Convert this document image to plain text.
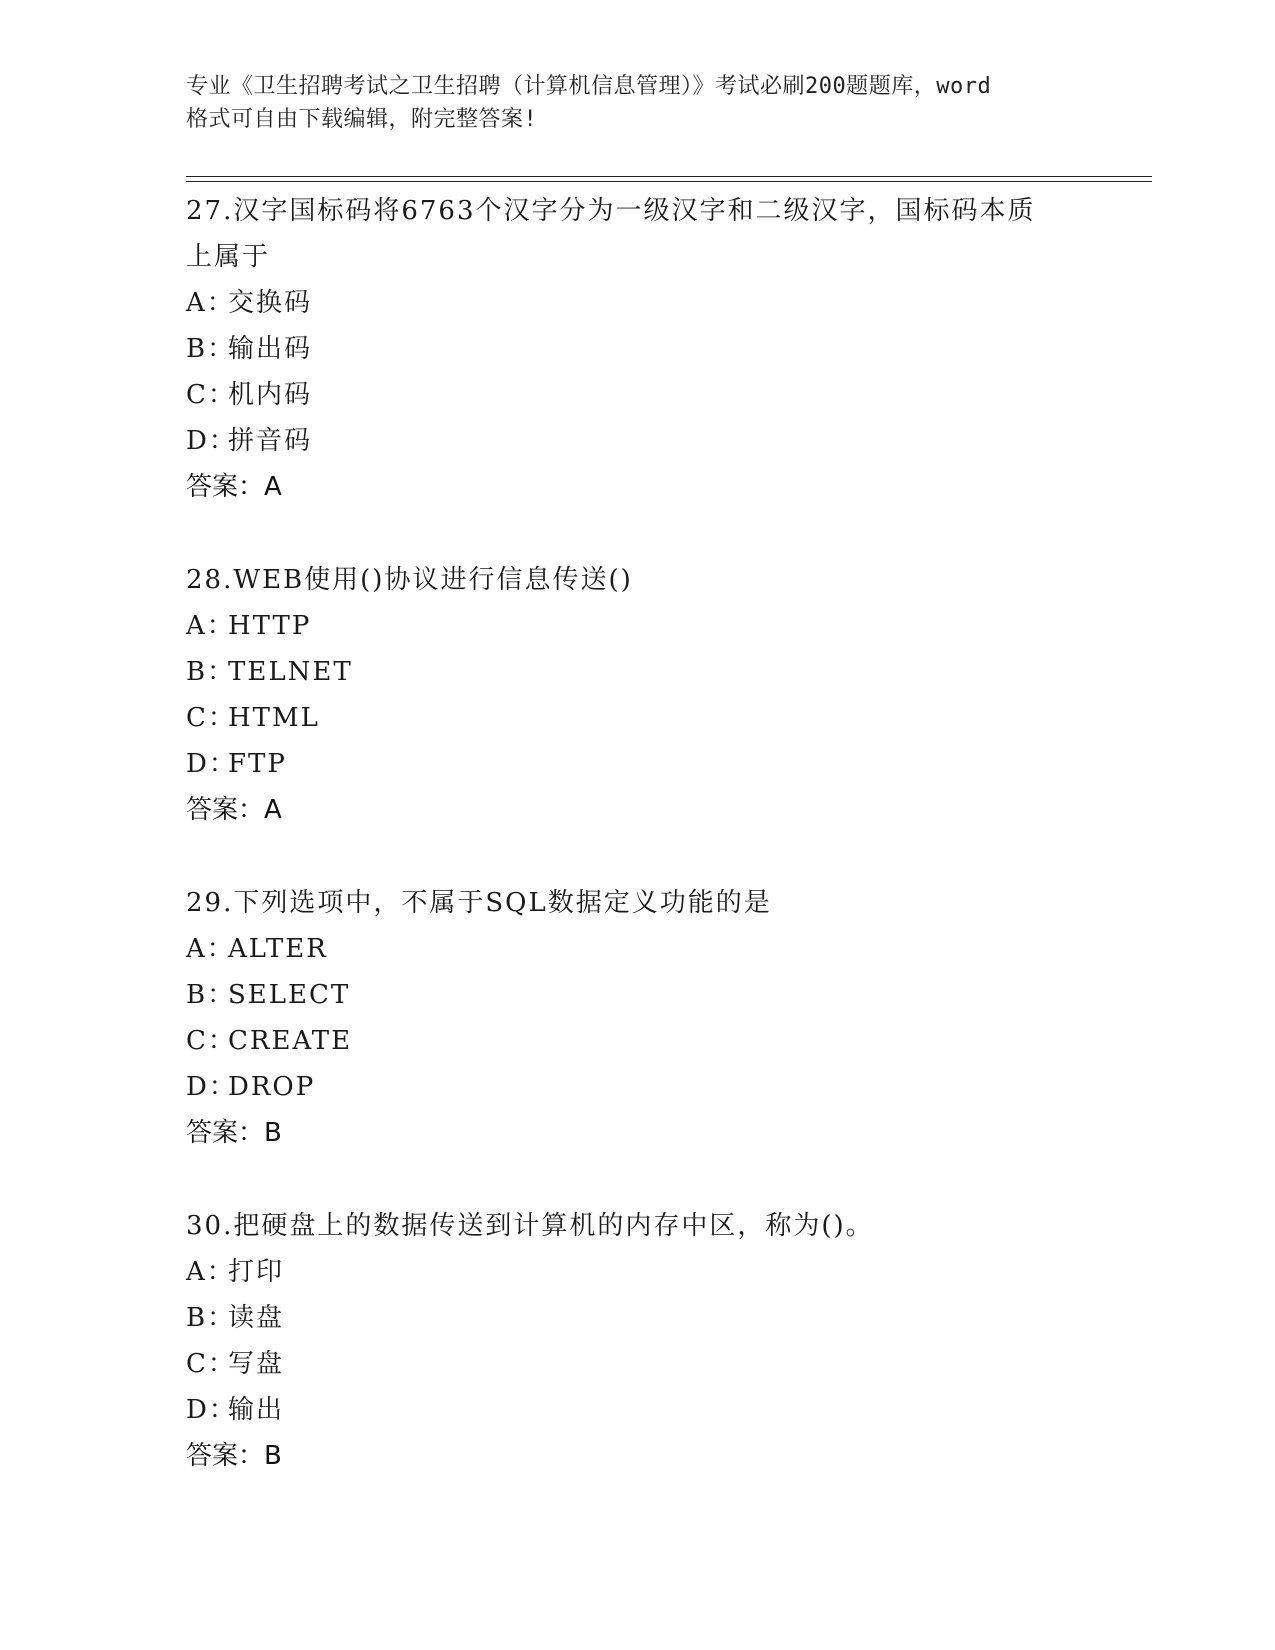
专业《卫生招聘考试之卫生招聘（计算机信息管理）》考试必刷200题题库，word
格式可自由下载编辑，附完整答案!
27.汉字国标码将6763个汉字分为一级汉字和二级汉字，国标码本质上属于
A：交换码
B：输出码
C：机内码
D：拼音码
答案：A
28.WEB使用()协议进行信息传送()
A：HTTP
B：TELNET
C：HTML
D：FTP
答案：A
29.下列选项中，不属于SQL数据定义功能的是
A：ALTER
B：SELECT
C：CREATE
D：DROP
答案：B
30.把硬盘上的数据传送到计算机的内存中区，称为()。
A：打印
B：读盘
C：写盘
D：输出
答案：B
